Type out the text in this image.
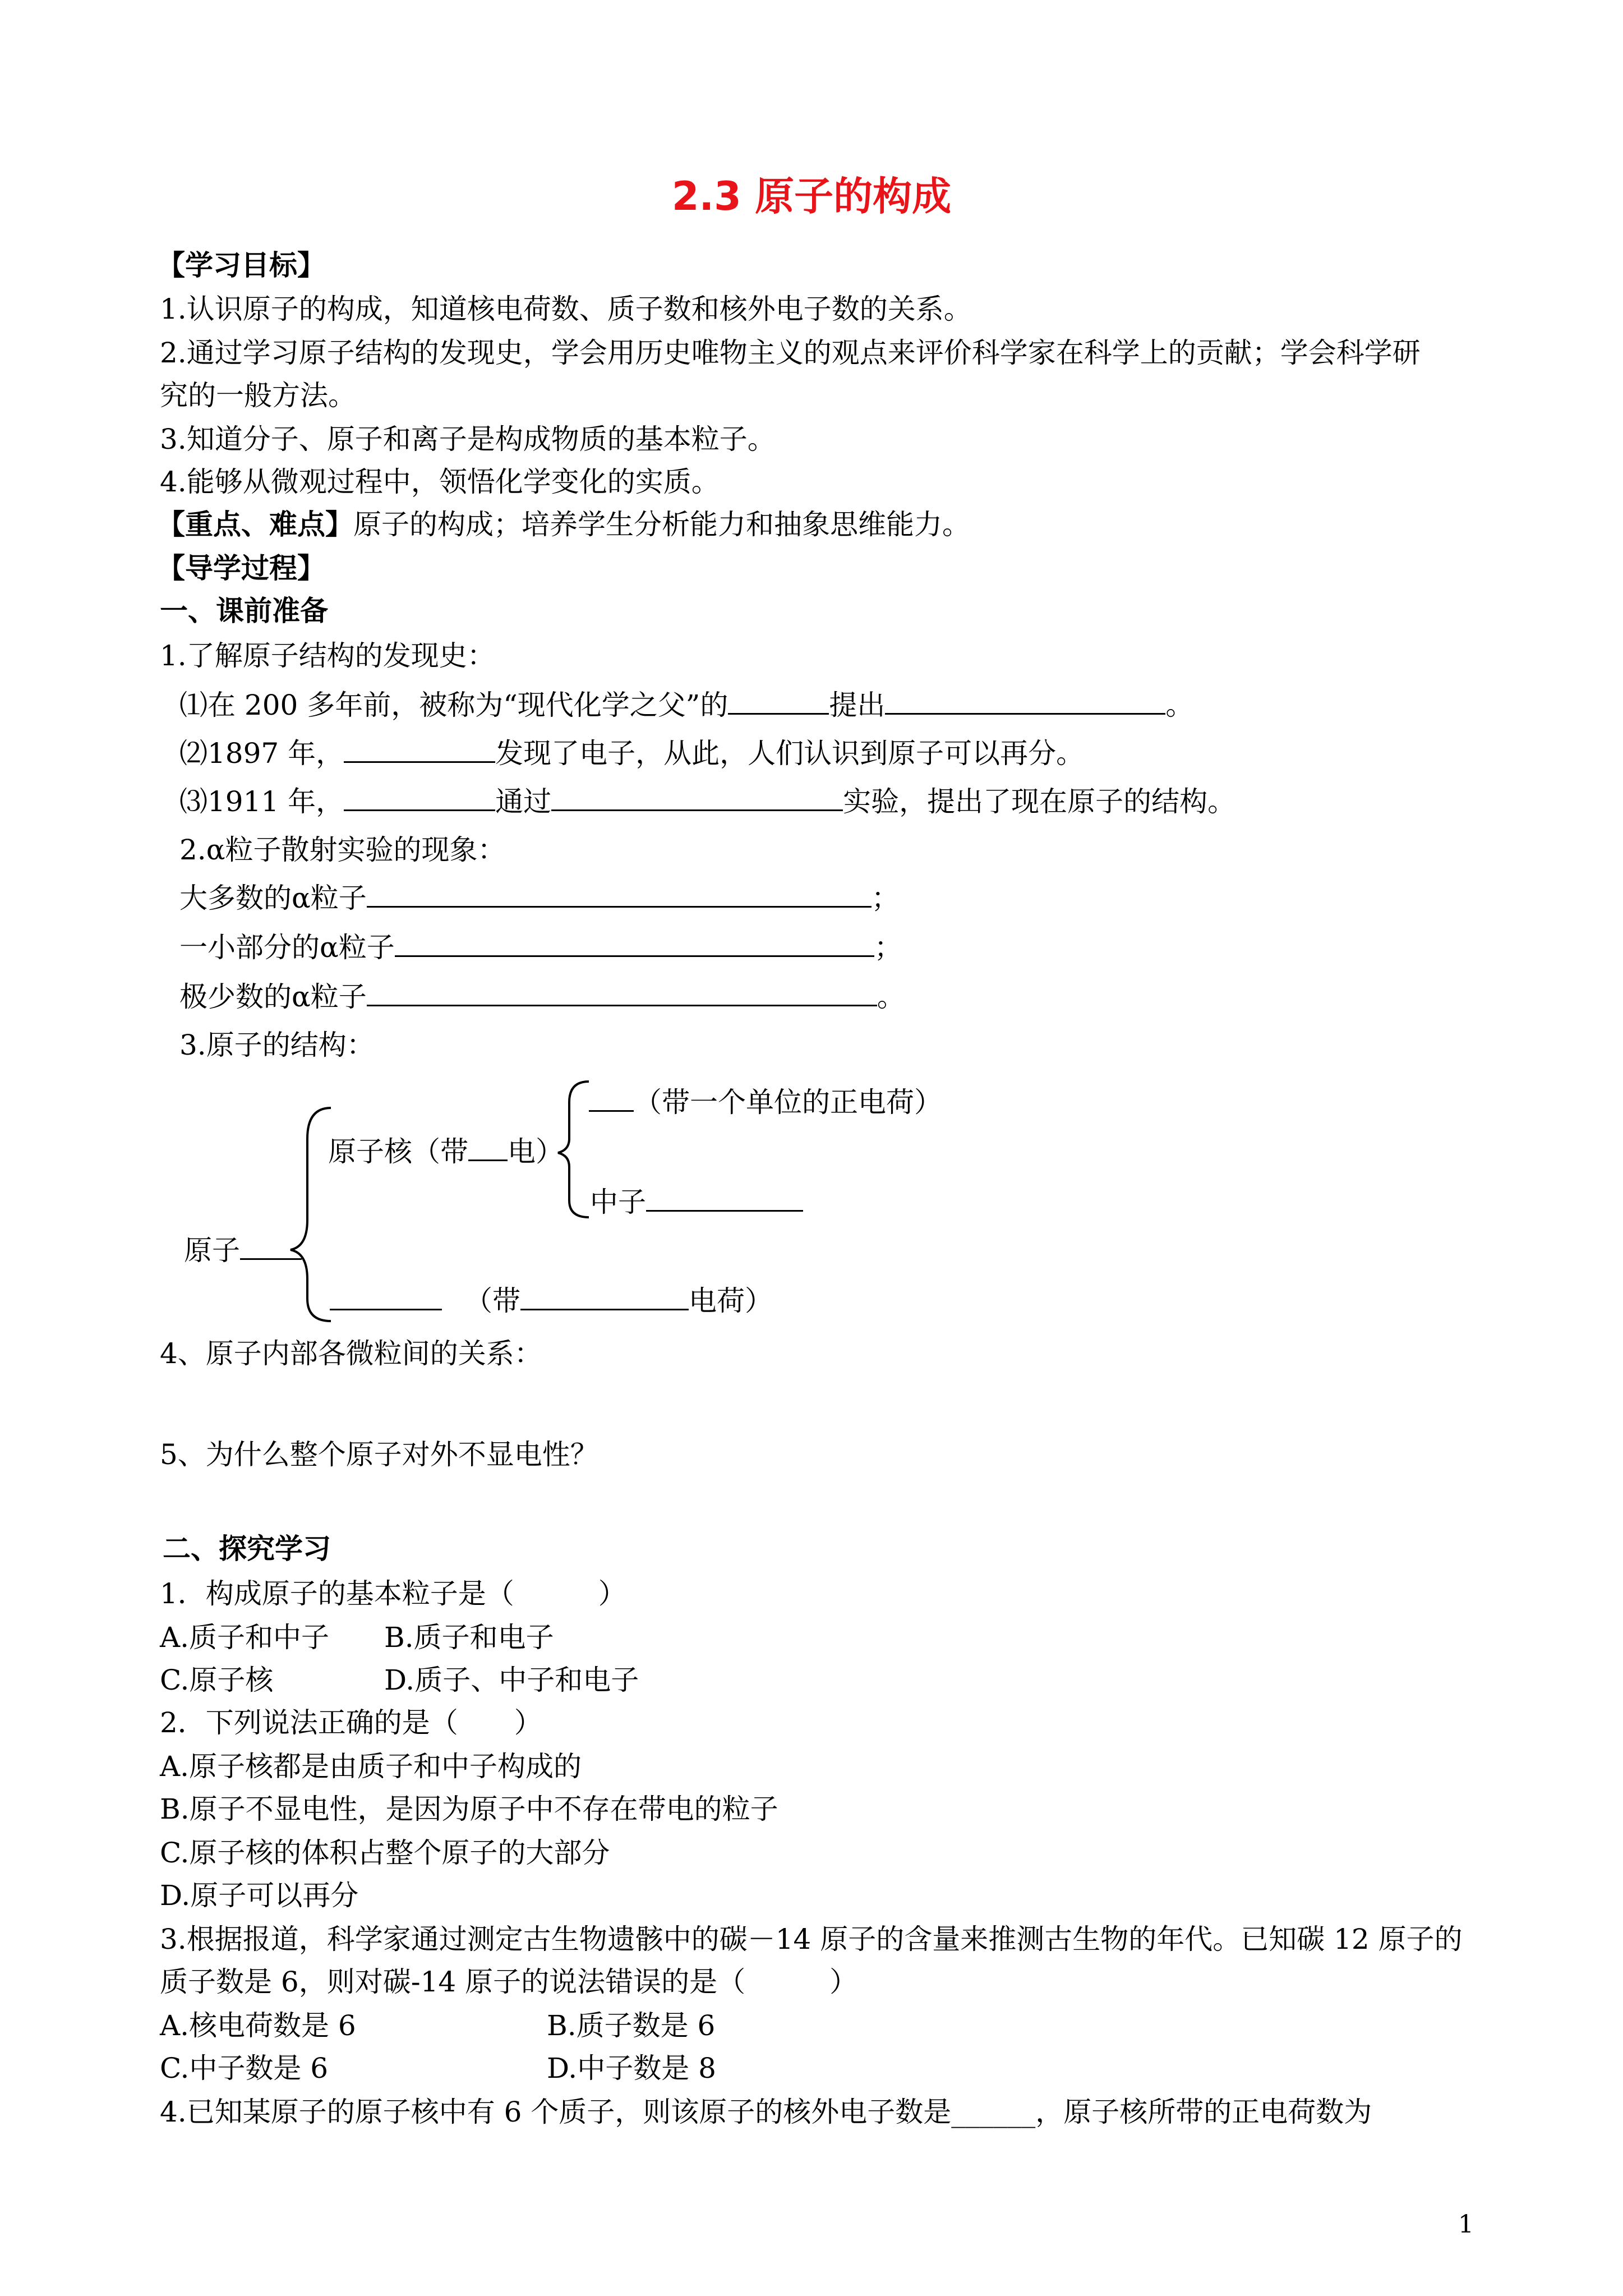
2.3 原子的构成
【学习目标】
1.认识原子的构成，知道核电荷数、质子数和核外电子数的关系。
2.通过学习原子结构的发现史，学会用历史唯物主义的观点来评价科学家在科学上的贡献；学会科学研
究的一般方法。
3.知道分子、原子和离子是构成物质的基本粒子。
4.能够从微观过程中，领悟化学变化的实质。
【重点、难点】原子的构成；培养学生分析能力和抽象思维能力。
【导学过程】
一、课前准备
1.了解原子结构的发现史：
⑴在 200 多年前，被称为“现代化学之父”的	提出	。
⑵1897 年，	发现了电子，从此，人们认识到原子可以再分。
⑶1911 年，	通过	实验，提出了现在原子的结构。
2.α粒子散射实验的现象：
大多数的α粒子	；
一小部分的α粒子	；
极少数的α粒子	。
3.原子的结构：
（带一个单位的正电荷）
原子核（带 电）
中子
原子
（带	电荷）
4、原子内部各微粒间的关系：
5、为什么整个原子对外不显电性？
二、探究学习
1．构成原子的基本粒子是（　　　）
A.质子和中子 B.质子和电子
C.原子核	D.质子、中子和电子
2．下列说法正确的是（　　）
A.原子核都是由质子和中子构成的
B.原子不显电性，是因为原子中不存在带电的粒子
C.原子核的体积占整个原子的大部分
D.原子可以再分
3.根据报道，科学家通过测定古生物遗骸中的碳－14 原子的含量来推测古生物的年代。已知碳 12 原子的
质子数是 6，则对碳-14 原子的说法错误的是（　　　）
A.核电荷数是 6	B.质子数是 6
C.中子数是 6	D.中子数是 8
4.已知某原子的原子核中有 6 个质子，则该原子的核外电子数是______，原子核所带的正电荷数为
1
